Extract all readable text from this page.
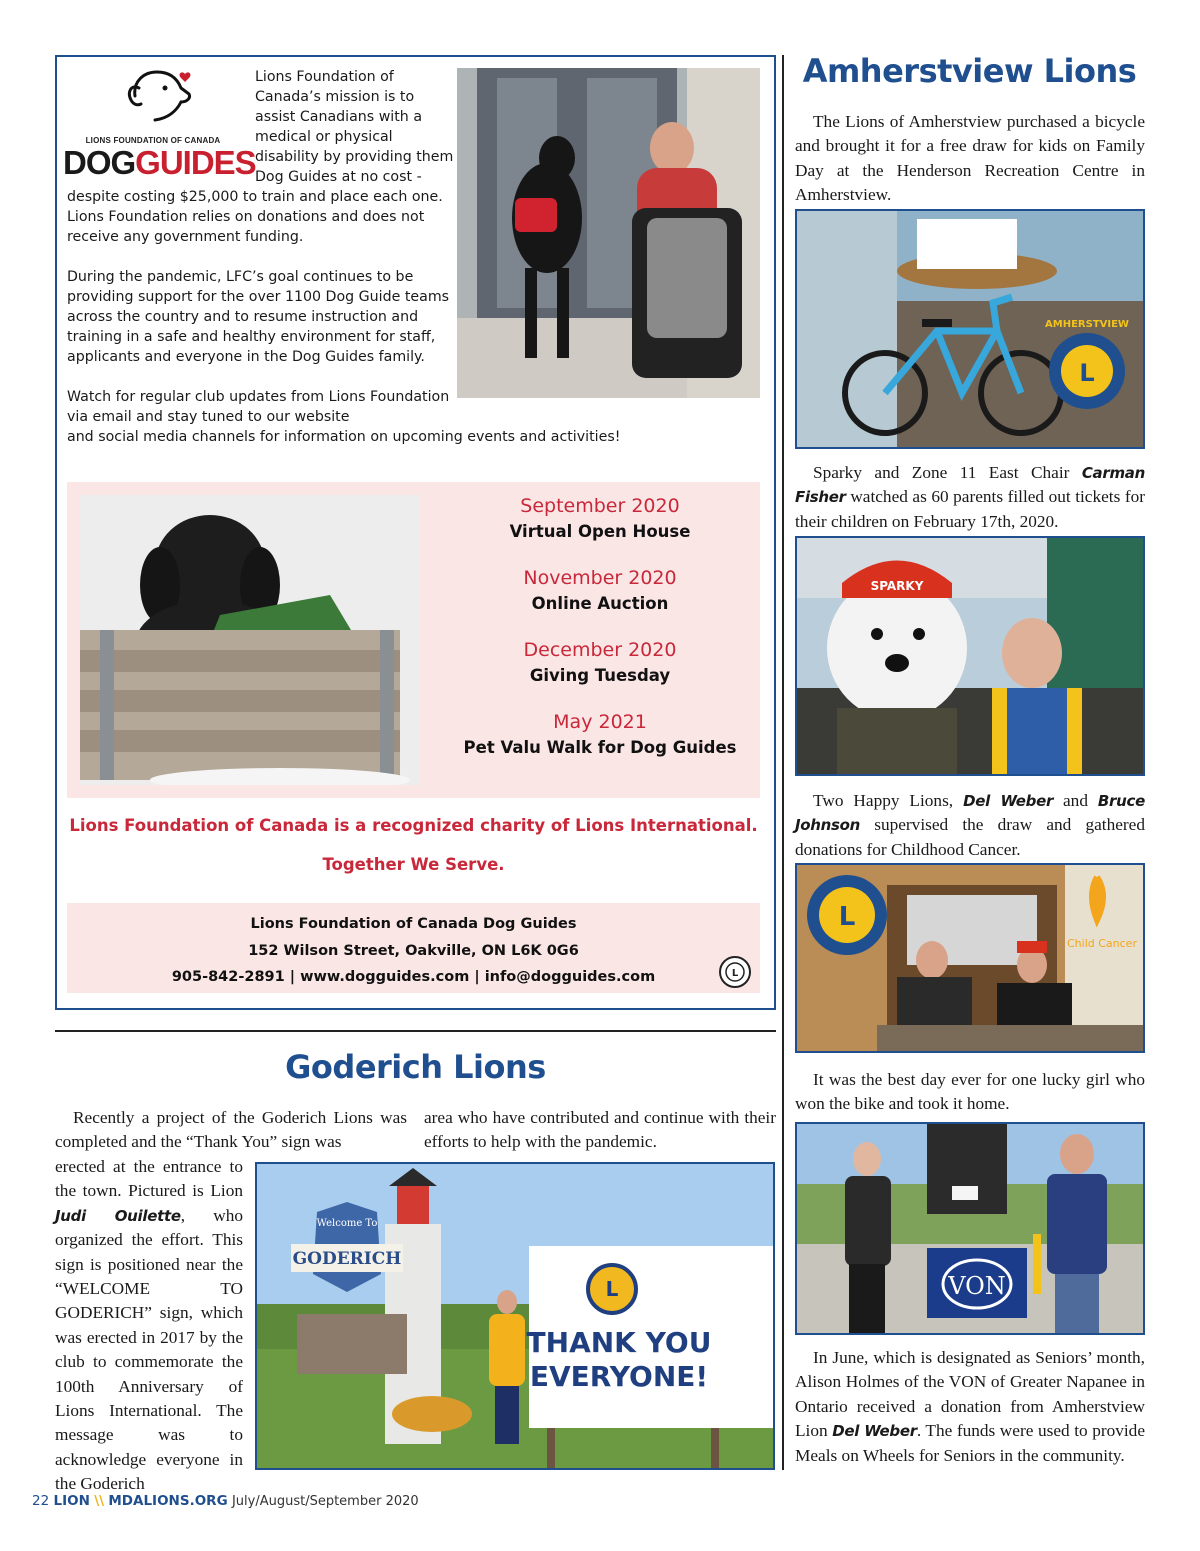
LIONS FOUNDATION OF CANADA
DOGGUIDES

Lions Foundation of Canada’s mission is to assist Canadians with a medical or physical disability by providing them Dog Guides at no cost - despite costing $25,000 to train and place each one. Lions Foundation relies on donations and does not receive any government funding.

During the pandemic, LFC’s goal continues to be providing support for the over 1100 Dog Guide teams across the country and to resume instruction and training in a safe and healthy environment for staff, applicants and everyone in the Dog Guides family.

Watch for regular club updates from Lions Foundation via email and stay tuned to our website

and social media channels for information on upcoming events and activities!
September 2020
Virtual Open House
November 2020
Online Auction
December 2020
Giving Tuesday
May 2021
Pet Valu Walk for Dog Guides
Lions Foundation of Canada is a recognized charity of Lions International.
Together We Serve.
Lions Foundation of Canada Dog Guides
152 Wilson Street, Oakville, ON L6K 0G6
905-842-2891 | www.dogguides.com | info@dogguides.com	L
Goderich Lions
Recently a project of the Goderich Lions was completed and the “Thank You” sign was
area who have contributed and continue with their efforts to help with the pandemic.
erected at the entrance to the town. Pictured is Lion Judi Ouilette, who organized the effort. This sign is positioned near the “WELCOME TO GODERICH” sign, which was erected in 2017 by the club to commemorate the 100th Anniversary of Lions International. The message was to acknowledge everyone in the Goderich
Welcome To
GODERICH
L
THANK YOU
EVERYONE!
Amherstview Lions
The Lions of Amherstview purchased a bicycle and brought it for a free draw for kids on Family Day at the Henderson Recreation Centre in Amherstview.
L
AMHERSTVIEW
Sparky and Zone 11 East Chair Carman Fisher watched as 60 parents filled out tickets for their children on February 17th, 2020.
SPARKY
Two Happy Lions, Del Weber and Bruce Johnson supervised the draw and gathered donations for Childhood Cancer.
L
Child Cancer
It was the best day ever for one lucky girl who won the bike and took it home.
VON
In June, which is designated as Seniors’ month, Alison Holmes of the VON of Greater Napanee in Ontario received a donation from Amherstview Lion Del Weber. The funds were used to provide Meals on Wheels for Seniors in the community.
22 LION \\ MDALIONS.ORG July/August/September 2020
